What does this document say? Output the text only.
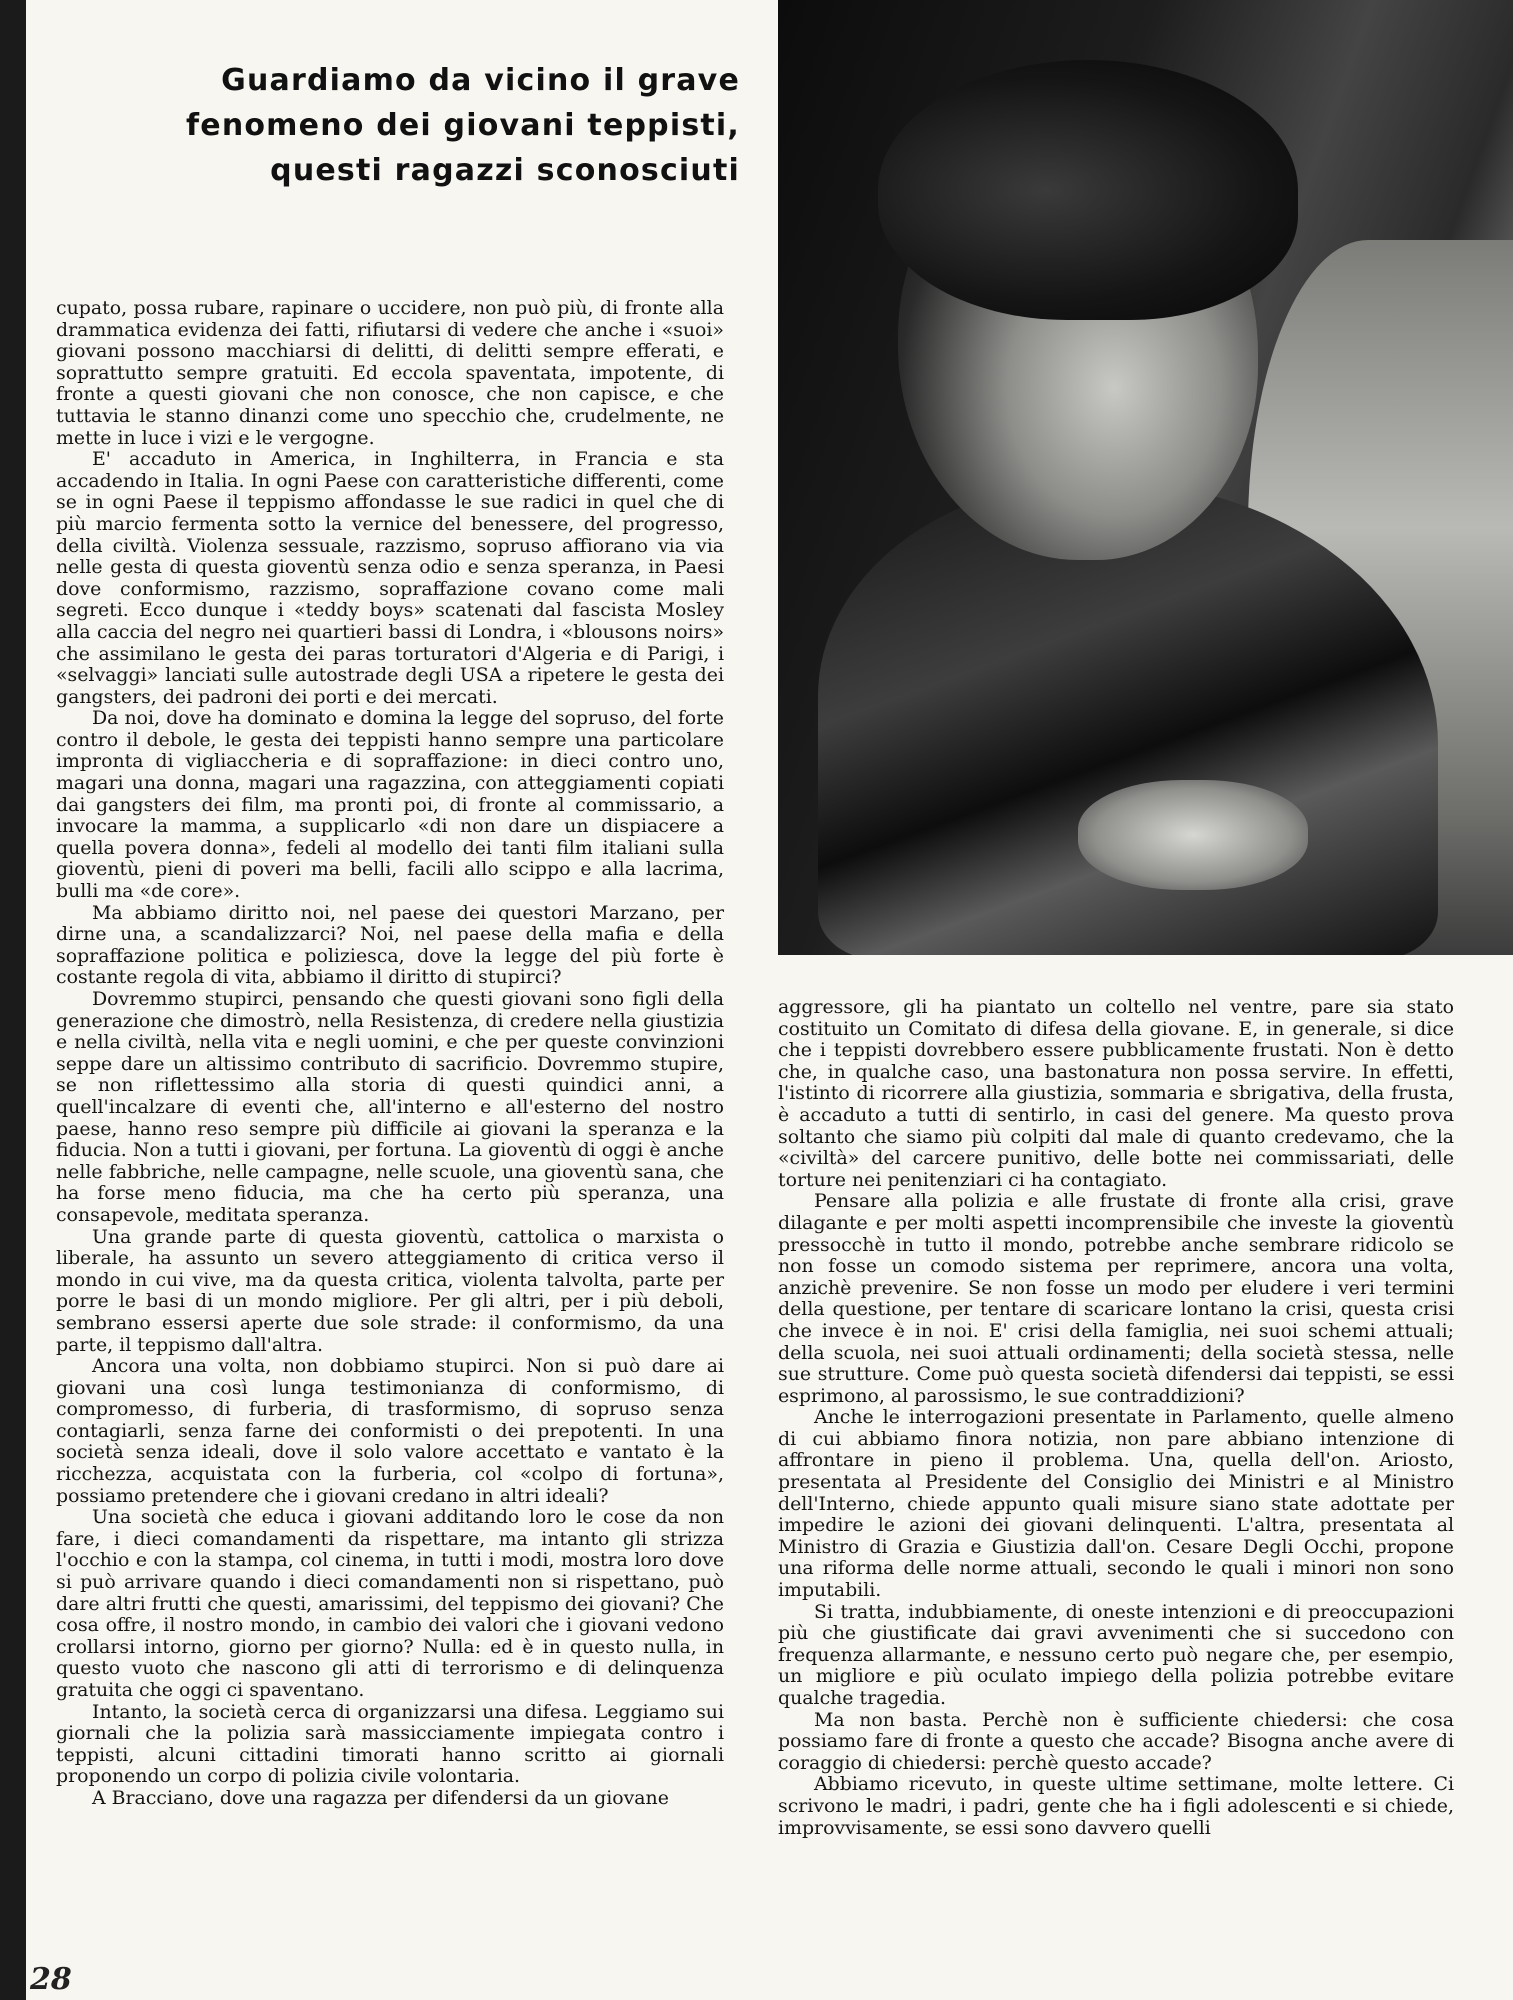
Guardiamo da vicino il grave
fenomeno dei giovani teppisti,
questi ragazzi sconosciuti

cupato, possa rubare, rapinare o uccidere, non può più, di fronte alla drammatica evidenza dei fatti, rifiutarsi di vedere che anche i «suoi» giovani possono macchiarsi di delitti, di delitti sempre efferati, e soprattutto sempre gratuiti. Ed eccola spaventata, impotente, di fronte a questi giovani che non conosce, che non capisce, e che tuttavia le stanno dinanzi come uno specchio che, crudelmente, ne mette in luce i vizi e le vergogne.

E' accaduto in America, in Inghilterra, in Francia e sta accadendo in Italia. In ogni Paese con caratteristiche differenti, come se in ogni Paese il teppismo affondasse le sue radici in quel che di più marcio fermenta sotto la vernice del benessere, del progresso, della civiltà. Violenza sessuale, razzismo, sopruso affiorano via via nelle gesta di questa gioventù senza odio e senza speranza, in Paesi dove conformismo, razzismo, sopraffazione covano come mali segreti. Ecco dunque i «teddy boys» scatenati dal fascista Mosley alla caccia del negro nei quartieri bassi di Londra, i «blousons noirs» che assimilano le gesta dei paras torturatori d'Algeria e di Parigi, i «selvaggi» lanciati sulle autostrade degli USA a ripetere le gesta dei gangsters, dei padroni dei porti e dei mercati.

Da noi, dove ha dominato e domina la legge del sopruso, del forte contro il debole, le gesta dei teppisti hanno sempre una particolare impronta di vigliaccheria e di sopraffazione: in dieci contro uno, magari una donna, magari una ragazzina, con atteggiamenti copiati dai gangsters dei film, ma pronti poi, di fronte al commissario, a invocare la mamma, a supplicarlo «di non dare un dispiacere a quella povera donna», fedeli al modello dei tanti film italiani sulla gioventù, pieni di poveri ma belli, facili allo scippo e alla lacrima, bulli ma «de core».

Ma abbiamo diritto noi, nel paese dei questori Marzano, per dirne una, a scandalizzarci? Noi, nel paese della mafia e della sopraffazione politica e poliziesca, dove la legge del più forte è costante regola di vita, abbiamo il diritto di stupirci?

Dovremmo stupirci, pensando che questi giovani sono figli della generazione che dimostrò, nella Resistenza, di credere nella giustizia e nella civiltà, nella vita e negli uomini, e che per queste convinzioni seppe dare un altissimo contributo di sacrificio. Dovremmo stupire, se non riflettessimo alla storia di questi quindici anni, a quell'incalzare di eventi che, all'interno e all'esterno del nostro paese, hanno reso sempre più difficile ai giovani la speranza e la fiducia. Non a tutti i giovani, per fortuna. La gioventù di oggi è anche nelle fabbriche, nelle campagne, nelle scuole, una gioventù sana, che ha forse meno fiducia, ma che ha certo più speranza, una consapevole, meditata speranza.

Una grande parte di questa gioventù, cattolica o marxista o liberale, ha assunto un severo atteggiamento di critica verso il mondo in cui vive, ma da questa critica, violenta talvolta, parte per porre le basi di un mondo migliore. Per gli altri, per i più deboli, sembrano essersi aperte due sole strade: il conformismo, da una parte, il teppismo dall'altra.

Ancora una volta, non dobbiamo stupirci. Non si può dare ai giovani una così lunga testimonianza di conformismo, di compromesso, di furberia, di trasformismo, di sopruso senza contagiarli, senza farne dei conformisti o dei prepotenti. In una società senza ideali, dove il solo valore accettato e vantato è la ricchezza, acquistata con la furberia, col «colpo di fortuna», possiamo pretendere che i giovani credano in altri ideali?

Una società che educa i giovani additando loro le cose da non fare, i dieci comandamenti da rispettare, ma intanto gli strizza l'occhio e con la stampa, col cinema, in tutti i modi, mostra loro dove si può arrivare quando i dieci comandamenti non si rispettano, può dare altri frutti che questi, amarissimi, del teppismo dei giovani? Che cosa offre, il nostro mondo, in cambio dei valori che i giovani vedono crollarsi intorno, giorno per giorno? Nulla: ed è in questo nulla, in questo vuoto che nascono gli atti di terrorismo e di delinquenza gratuita che oggi ci spaventano.

Intanto, la società cerca di organizzarsi una difesa. Leggiamo sui giornali che la polizia sarà massicciamente impiegata contro i teppisti, alcuni cittadini timorati hanno scritto ai giornali proponendo un corpo di polizia civile volontaria.

A Bracciano, dove una ragazza per difendersi da un giovane

aggressore, gli ha piantato un coltello nel ventre, pare sia stato costituito un Comitato di difesa della giovane. E, in generale, si dice che i teppisti dovrebbero essere pubblicamente frustati. Non è detto che, in qualche caso, una bastonatura non possa servire. In effetti, l'istinto di ricorrere alla giustizia, sommaria e sbrigativa, della frusta, è accaduto a tutti di sentirlo, in casi del genere. Ma questo prova soltanto che siamo più colpiti dal male di quanto credevamo, che la «civiltà» del carcere punitivo, delle botte nei commissariati, delle torture nei penitenziari ci ha contagiato.

Pensare alla polizia e alle frustate di fronte alla crisi, grave dilagante e per molti aspetti incomprensibile che investe la gioventù pressocchè in tutto il mondo, potrebbe anche sembrare ridicolo se non fosse un comodo sistema per reprimere, ancora una volta, anzichè prevenire. Se non fosse un modo per eludere i veri termini della questione, per tentare di scaricare lontano la crisi, questa crisi che invece è in noi. E' crisi della famiglia, nei suoi schemi attuali; della scuola, nei suoi attuali ordinamenti; della società stessa, nelle sue strutture. Come può questa società difendersi dai teppisti, se essi esprimono, al parossismo, le sue contraddizioni?

Anche le interrogazioni presentate in Parlamento, quelle almeno di cui abbiamo finora notizia, non pare abbiano intenzione di affrontare in pieno il problema. Una, quella dell'on. Ariosto, presentata al Presidente del Consiglio dei Ministri e al Ministro dell'Interno, chiede appunto quali misure siano state adottate per impedire le azioni dei giovani delinquenti. L'altra, presentata al Ministro di Grazia e Giustizia dall'on. Cesare Degli Occhi, propone una riforma delle norme attuali, secondo le quali i minori non sono imputabili.

Si tratta, indubbiamente, di oneste intenzioni e di preoccupazioni più che giustificate dai gravi avvenimenti che si succedono con frequenza allarmante, e nessuno certo può negare che, per esempio, un migliore e più oculato impiego della polizia potrebbe evitare qualche tragedia.

Ma non basta. Perchè non è sufficiente chiedersi: che cosa possiamo fare di fronte a questo che accade? Bisogna anche avere di coraggio di chiedersi: perchè questo accade?

Abbiamo ricevuto, in queste ultime settimane, molte lettere. Ci scrivono le madri, i padri, gente che ha i figli adolescenti e si chiede, improvvisamente, se essi sono davvero quelli

28
